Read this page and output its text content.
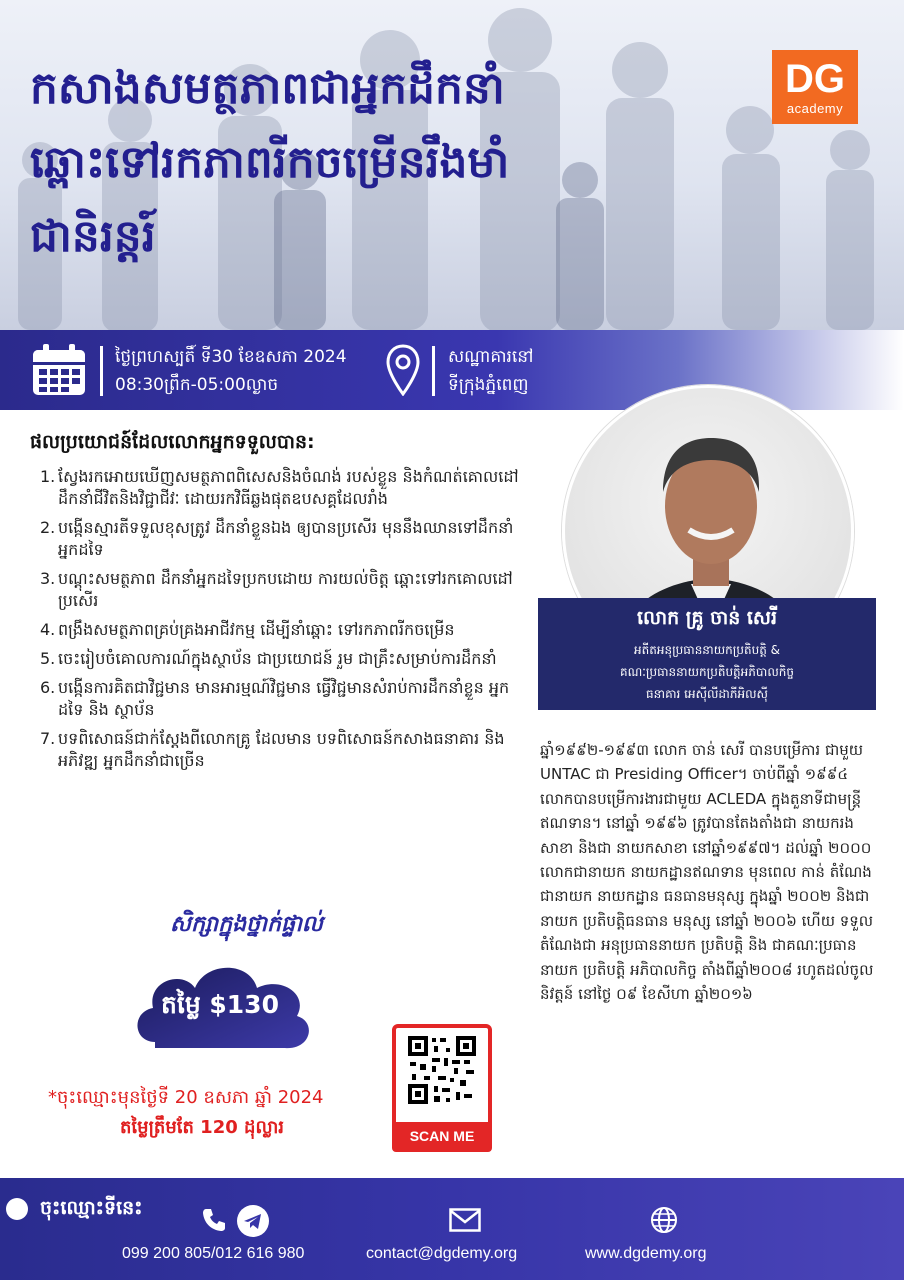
កសាងសមត្ថភាពជាអ្នកដឹកនាំ
ឆ្ពោះទៅរកភាពរីកចម្រើនរឹងមាំ
ជានិរន្តរ៍
DG
academy
ថ្ងៃព្រហស្បតិ៍ ទី30 ខែឧសភា 2024
08:30ព្រឹក-05:00ល្ងាច
សណ្ឋាគារនៅ
ទីក្រុងភ្នំពេញ
ផលប្រយោជន៍ដែលលោកអ្នកទទួលបាន:
1. ស្វែងរកអោយឃើញសមត្ថភាពពិសេសនិងចំណង់ របស់ខ្លួន និងកំណត់គោលដៅដឹកនាំជីវិតនិងវិជ្ជាជីវៈ ដោយរកវិធីឆ្លងផុតឧបសគ្គដែលរាំង
2. បង្កើនស្មារតីទទួលខុសត្រូវ ដឹកនាំខ្លួនឯង ឲ្យបានប្រសើរ មុននឹងឈានទៅដឹកនាំអ្នកដទៃ
3. បណ្តុះសមត្ថភាព ដឹកនាំអ្នកដទៃប្រកបដោយ ការយល់ចិត្ត ឆ្ពោះទៅរកគោលដៅប្រសើរ
4. ពង្រឹងសមត្ថភាពគ្រប់គ្រងអាជីវកម្ម ដើម្បីនាំឆ្ពោះ ទៅរកភាពរីកចម្រើន
5. ចេះរៀបចំគោលការណ៍ក្នុងស្ថាប័ន ជាប្រយោជន៍ រួម ជាគ្រឹះសម្រាប់ការដឹកនាំ
6. បង្កើនការគិតជាវិជ្ជមាន មានអារម្មណ៍វិជ្ជមាន ធ្វើវិជ្ជមានសំរាប់ការដឹកនាំខ្លួន អ្នកដទៃ និង ស្ថាប័ន
7. បទពិសោធន៍ជាក់ស្តែងពីលោកគ្រូ ដែលមាន បទពិសោធន៍កសាងធនាគារ និងអភិវឌ្ឍ អ្នកដឹកនាំជាច្រើន
លោក គ្រូ ចាន់ សេរី
អតីតអនុប្រធាននាយកប្រតិបត្តិ &
គណៈប្រធាននាយកប្រតិបត្តិអភិបាលកិច្ច
ធនាគារ អេស៊ីលីដាភីអិលស៊ី
ឆ្នាំ១៩៩២-១៩៩៣ លោក ចាន់ សេរី បានបម្រើការ ជាមួយ UNTAC ជា Presiding Officer។ ចាប់ពីឆ្នាំ ១៩៩៤ លោកបានបម្រើការងារជាមួយ ACLEDA ក្នុងតួនាទីជាមន្ត្រីឥណទាន។ នៅឆ្នាំ ១៩៩៦ ត្រូវបានតែងតាំងជា នាយករងសាខា និងជា នាយកសាខា នៅឆ្នាំ១៩៩៧។ ដល់ឆ្នាំ ២០០០ លោកជានាយក នាយកដ្ឋានឥណទាន មុនពេល កាន់ តំណែងជានាយក នាយកដ្ឋាន ធនធានមនុស្ស ក្នុងឆ្នាំ ២០០២ និងជានាយក ប្រតិបត្តិធនធាន មនុស្ស នៅឆ្នាំ ២០០៦ ហើយ ទទួលតំណែងជា អនុប្រធាននាយក ប្រតិបត្តិ និង ជាគណៈប្រធាន នាយក ប្រតិបត្តិ អភិបាលកិច្ច តាំងពីឆ្នាំ២០០៨ រហូតដល់ចូលនិវត្តន៍ នៅថ្ងៃ ០៩ ខែសីហា ឆ្នាំ២០១៦
សិក្សាក្នុងថ្នាក់ផ្ទាល់
តម្លៃ $130
*ចុះឈ្មោះមុនថ្ងៃទី 20 ឧសភា ឆ្នាំ 2024
តម្លៃត្រឹមតែ 120 ដុល្លារ	SCAN ME
ចុះឈ្មោះទីនេះ
099 200 805/012 616 980	contact@dgdemy.org	www.dgdemy.org
